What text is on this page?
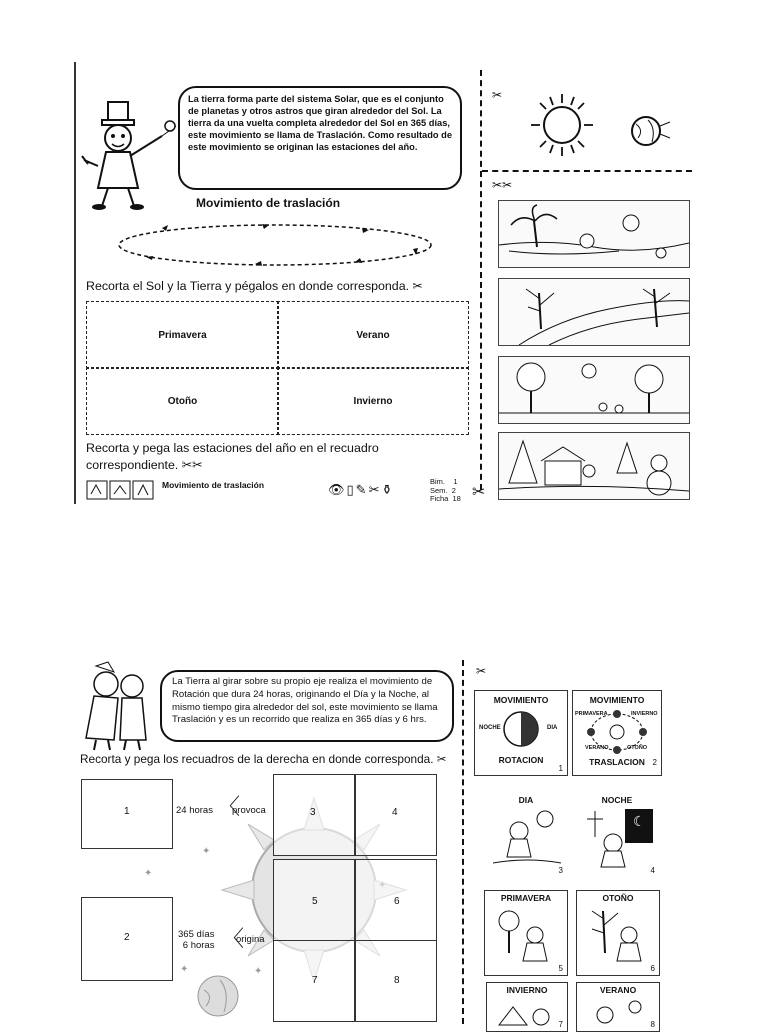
La tierra forma parte del sistema Solar, que es el conjunto de planetas y otros astros que giran alrededor del Sol. La tierra da una vuelta completa alrededor del Sol en 365 días, este movimiento se llama de Traslación. Como resultado de este movimiento se originan las estaciones del año.
Movimiento de traslación
Recorta el Sol y la Tierra y pégalos en donde corresponda. ✂
Primavera	Verano
Otoño	Invierno
Recorta y pega las estaciones del año en el recuadro correspondiente. ✂✂
Movimiento de traslación	👁▯✎✂⚱
Bim. 1
Sem. 2
Ficha 18 ✂
✂
✂✂
La Tierra al girar sobre su propio eje realiza el movimiento de Rotación que dura 24 horas, originando el Día y la Noche, al mismo tiempo gira alrededor del sol, este movimiento se llama Traslación y es un recorrido que realiza en 365 días y 6 hrs.
Recorta y pega los recuadros de la derecha en donde corresponda. ✂
✦
✦
✦	✦
1
2
3	4
5	6
7	8
24 horas 〈
provoca
365 días
6 horas 〈
origina
✂
MOVIMIENTO
NOCHE	DIA
ROTACION
1
MOVIMIENTO
PRIMAVERA	INVIERNO
VERANO	OTOÑO
TRASLACION 2
DIA
3
NOCHE
☾
4
PRIMAVERA
5
OTOÑO
6
INVIERNO
7
VERANO
8
